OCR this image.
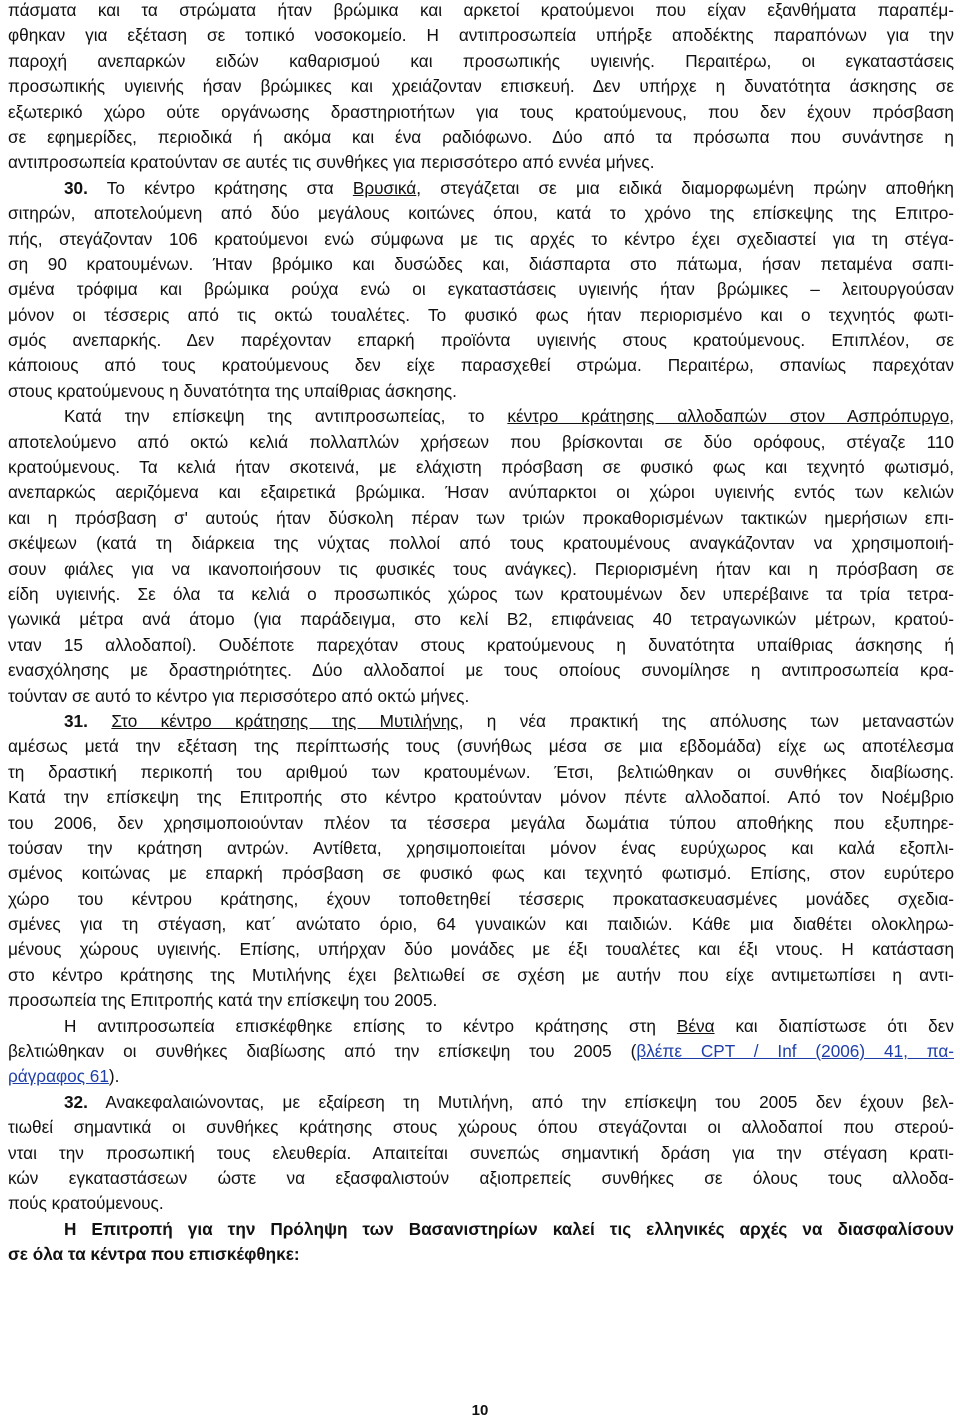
πάσματα και τα στρώματα ήταν βρώμικα και αρκετοί κρατούμενοι που είχαν εξανθήματα παραπέμ-
φθηκαν για εξέταση σε τοπικό νοσοκομείο. Η αντιπροσωπεία υπήρξε αποδέκτης παραπόνων για την
παροχή ανεπαρκών ειδών καθαρισμού και προσωπικής υγιεινής. Περαιτέρω, οι εγκαταστάσεις
προσωπικής υγιεινής ήσαν βρώμικες και χρειάζονταν επισκευή. Δεν υπήρχε η δυνατότητα άσκησης σε
εξωτερικό χώρο ούτε οργάνωσης δραστηριοτήτων για τους κρατούμενους, που δεν έχουν πρόσβαση
σε εφημερίδες, περιοδικά ή ακόμα και ένα ραδιόφωνο. Δύο από τα πρόσωπα που συνάντησε η
αντιπροσωπεία κρατούνταν σε αυτές τις συνθήκες για περισσότερο από εννέα μήνες.
30. Το κέντρο κράτησης στα Βρυσικά, στεγάζεται σε μια ειδικά διαμορφωμένη πρώην αποθήκη
σιτηρών, αποτελούμενη από δύο μεγάλους κοιτώνες όπου, κατά το χρόνο της επίσκεψης της Επιτρο-
πής, στεγάζονταν 106 κρατούμενοι ενώ σύμφωνα με τις αρχές το κέντρο έχει σχεδιαστεί για τη στέγα-
ση 90 κρατουμένων. Ήταν βρόμικο και δυσώδες και, διάσπαρτα στο πάτωμα, ήσαν πεταμένα σαπι-
σμένα τρόφιμα και βρώμικα ρούχα ενώ οι εγκαταστάσεις υγιεινής ήταν βρώμικες – λειτουργούσαν
μόνον οι τέσσερις από τις οκτώ τουαλέτες. Το φυσικό φως ήταν περιορισμένο και ο τεχνητός φωτι-
σμός ανεπαρκής. Δεν παρέχονταν επαρκή προϊόντα υγιεινής στους κρατούμενους. Επιπλέον, σε
κάποιους από τους κρατούμενους δεν είχε παρασχεθεί στρώμα. Περαιτέρω, σπανίως παρεχόταν
στους κρατούμενους η δυνατότητα της υπαίθριας άσκησης.
Κατά την επίσκεψη της αντιπροσωπείας, το κέντρο κράτησης αλλοδαπών στον Ασπρόπυργο,
αποτελούμενο από οκτώ κελιά πολλαπλών χρήσεων που βρίσκονται σε δύο ορόφους, στέγαζε 110
κρατούμενους. Τα κελιά ήταν σκοτεινά, με ελάχιστη πρόσβαση σε φυσικό φως και τεχνητό φωτισμό,
ανεπαρκώς αεριζόμενα και εξαιρετικά βρώμικα. Ήσαν ανύπαρκτοι οι χώροι υγιεινής εντός των κελιών
και η πρόσβαση σ' αυτούς ήταν δύσκολη πέραν των τριών προκαθορισμένων τακτικών ημερήσιων επι-
σκέψεων (κατά τη διάρκεια της νύχτας πολλοί από τους κρατουμένους αναγκάζονταν να χρησιμοποιή-
σουν φιάλες για να ικανοποιήσουν τις φυσικές τους ανάγκες). Περιορισμένη ήταν και η πρόσβαση σε
είδη υγιεινής. Σε όλα τα κελιά ο προσωπικός χώρος των κρατουμένων δεν υπερέβαινε τα τρία τετρα-
γωνικά μέτρα ανά άτομο (για παράδειγμα, στο κελί Β2, επιφάνειας 40 τετραγωνικών μέτρων, κρατού-
νταν 15 αλλοδαποί). Ουδέποτε παρεχόταν στους κρατούμενους η δυνατότητα υπαίθριας άσκησης ή
ενασχόλησης με δραστηριότητες. Δύο αλλοδαποί με τους οποίους συνομίλησε η αντιπροσωπεία κρα-
τούνταν σε αυτό το κέντρο για περισσότερο από οκτώ μήνες.
31. Στο κέντρο κράτησης της Μυτιλήνης, η νέα πρακτική της απόλυσης των μεταναστών
αμέσως μετά την εξέταση της περίπτωσής τους (συνήθως μέσα σε μια εβδομάδα) είχε ως αποτέλεσμα
τη δραστική περικοπή του αριθμού των κρατουμένων. Έτσι, βελτιώθηκαν οι συνθήκες διαβίωσης.
Κατά την επίσκεψη της Επιτροπής στο κέντρο κρατούνταν μόνον πέντε αλλοδαποί. Από τον Νοέμβριο
του 2006, δεν χρησιμοποιούνταν πλέον τα τέσσερα μεγάλα δωμάτια τύπου αποθήκης που εξυπηρε-
τούσαν την κράτηση αντρών. Αντίθετα, χρησιμοποιείται μόνον ένας ευρύχωρος και καλά εξοπλι-
σμένος κοιτώνας με επαρκή πρόσβαση σε φυσικό φως και τεχνητό φωτισμό. Επίσης, στον ευρύτερο
χώρο του κέντρου κράτησης, έχουν τοποθετηθεί τέσσερις προκατασκευασμένες μονάδες σχεδια-
σμένες για τη στέγαση, κατ΄ ανώτατο όριο, 64 γυναικών και παιδιών. Κάθε μια διαθέτει ολοκληρω-
μένους χώρους υγιεινής. Επίσης, υπήρχαν δύο μονάδες με έξι τουαλέτες και έξι ντους. Η κατάσταση
στο κέντρο κράτησης της Μυτιλήνης έχει βελτιωθεί σε σχέση με αυτήν που είχε αντιμετωπίσει η αντι-
προσωπεία της Επιτροπής κατά την επίσκεψη του 2005.
Η αντιπροσωπεία επισκέφθηκε επίσης το κέντρο κράτησης στη Βένα και διαπίστωσε ότι δεν
βελτιώθηκαν οι συνθήκες διαβίωσης από την επίσκεψη του 2005 (βλέπε CPT / Inf (2006) 41, πα-
ράγραφος 61).
32. Ανακεφαλαιώνοντας, με εξαίρεση τη Μυτιλήνη, από την επίσκεψη του 2005 δεν έχουν βελ-
τιωθεί σημαντικά οι συνθήκες κράτησης στους χώρους όπου στεγάζονται οι αλλοδαποί που στερού-
νται την προσωπική τους ελευθερία. Απαιτείται συνεπώς σημαντική δράση για την στέγαση κρατι-
κών εγκαταστάσεων ώστε να εξασφαλιστούν αξιοπρεπείς συνθήκες σε όλους τους αλλοδα-
πούς κρατούμενους.
Η Επιτροπή για την Πρόληψη των Βασανιστηρίων καλεί τις ελληνικές αρχές να διασφαλίσουν
σε όλα τα κέντρα που επισκέφθηκε:
10
